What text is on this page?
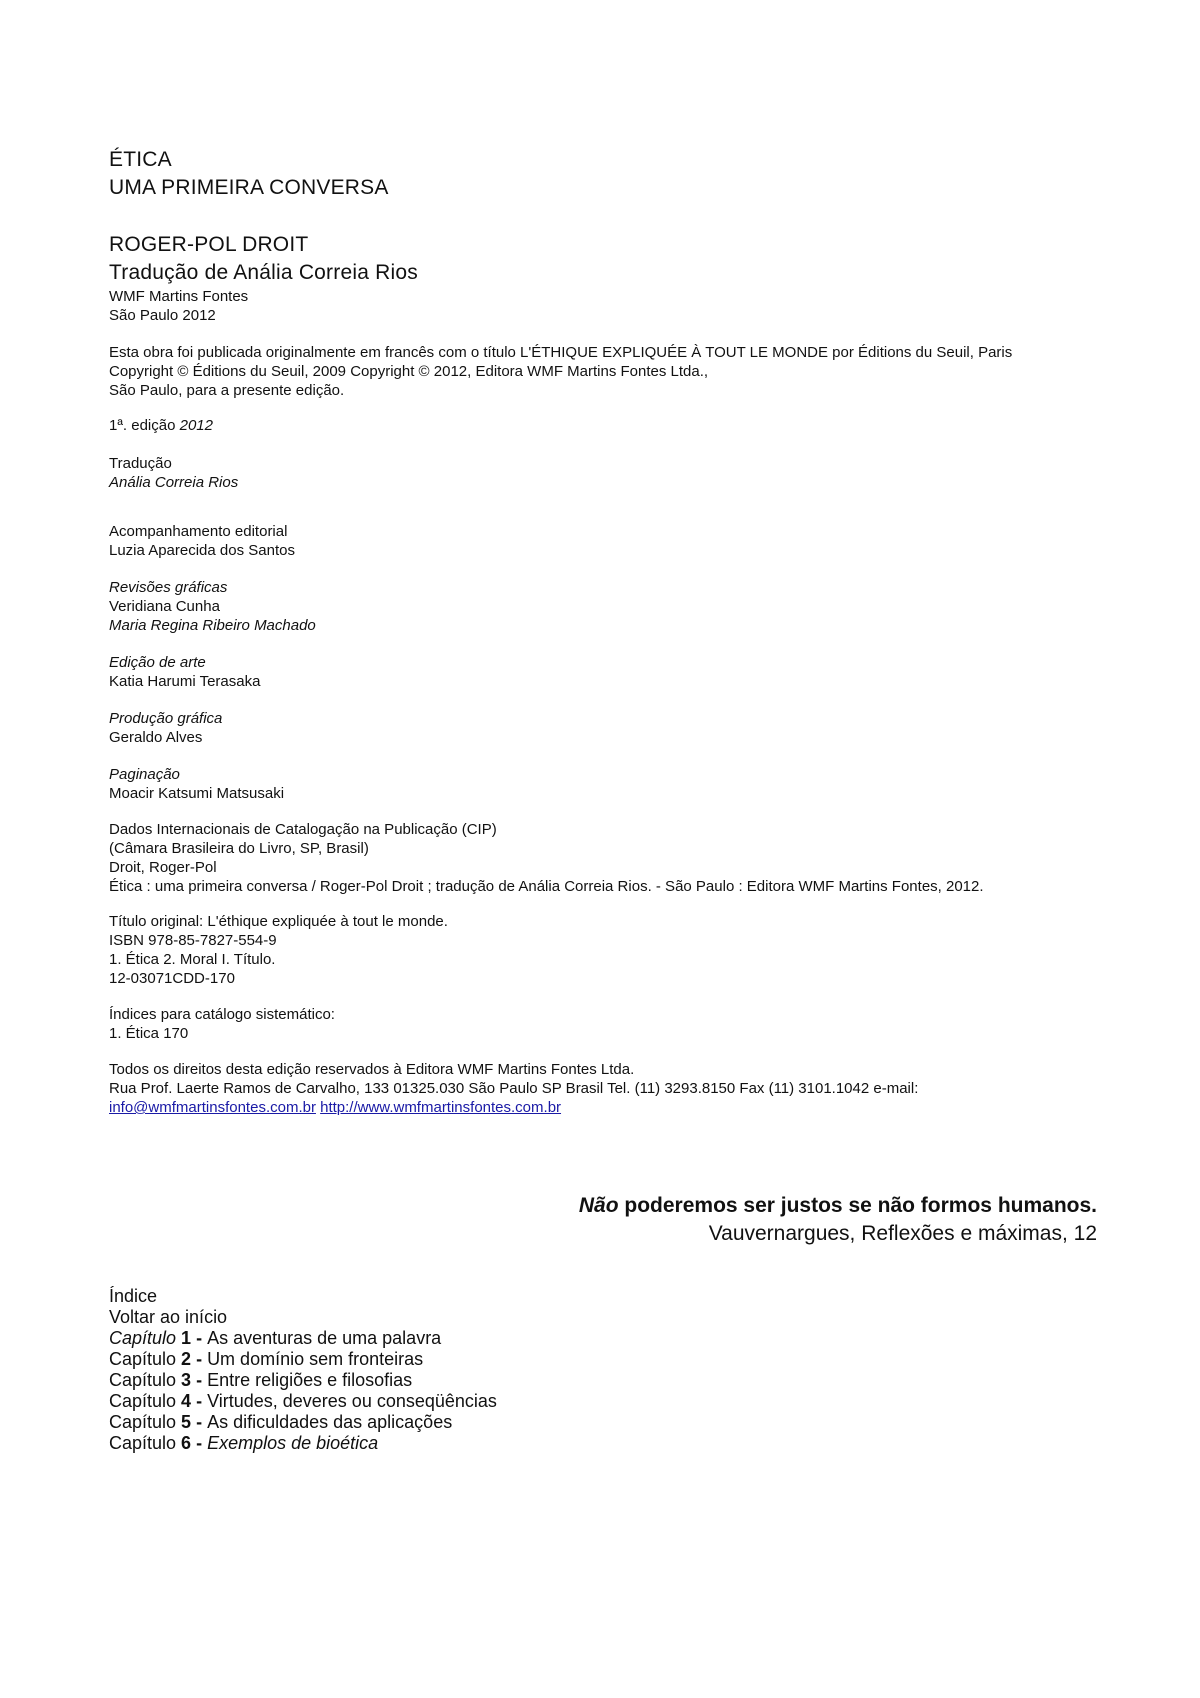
ÉTICA
UMA PRIMEIRA CONVERSA
ROGER-POL DROIT
Tradução de Anália Correia Rios
WMF Martins Fontes
São Paulo 2012
Esta obra foi publicada originalmente em francês com o título L'ÉTHIQUE EXPLIQUÉE À TOUT LE MONDE por Éditions du Seuil, Paris
Copyright © Éditions du Seuil, 2009 Copyright © 2012, Editora WMF Martins Fontes Ltda.,
São Paulo, para a presente edição.
1ª. edição 2012
Tradução
Anália Correia Rios
Acompanhamento editorial
Luzia Aparecida dos Santos
Revisões gráficas
Veridiana Cunha
Maria Regina Ribeiro Machado
Edição de arte
Katia Harumi Terasaka
Produção gráfica
Geraldo Alves
Paginação
Moacir Katsumi Matsusaki
Dados Internacionais de Catalogação na Publicação (CIP)
(Câmara Brasileira do Livro, SP, Brasil)
Droit, Roger-Pol
Ética : uma primeira conversa / Roger-Pol Droit ; tradução de Anália Correia Rios. - São Paulo : Editora WMF Martins Fontes, 2012.
Título original: L'éthique expliquée à tout le monde.
ISBN 978-85-7827-554-9
1. Ética 2. Moral I. Título.
12-03071CDD-170
Índices para catálogo sistemático:
1. Ética 170
Todos os direitos desta edição reservados à Editora WMF Martins Fontes Ltda.
Rua Prof. Laerte Ramos de Carvalho, 133 01325.030 São Paulo SP Brasil Tel. (11) 3293.8150 Fax (11) 3101.1042 e-mail:
info@wmfmartinsfontes.com.br http://www.wmfmartinsfontes.com.br
Não poderemos ser justos se não formos humanos.
Vauvernargues, Reflexões e máximas, 12
Índice
Voltar ao início
Capítulo 1 - As aventuras de uma palavra
Capítulo 2 - Um domínio sem fronteiras
Capítulo 3 - Entre religiões e filosofias
Capítulo 4 - Virtudes, deveres ou conseqüências
Capítulo 5 - As dificuldades das aplicações
Capítulo 6 - Exemplos de bioética
